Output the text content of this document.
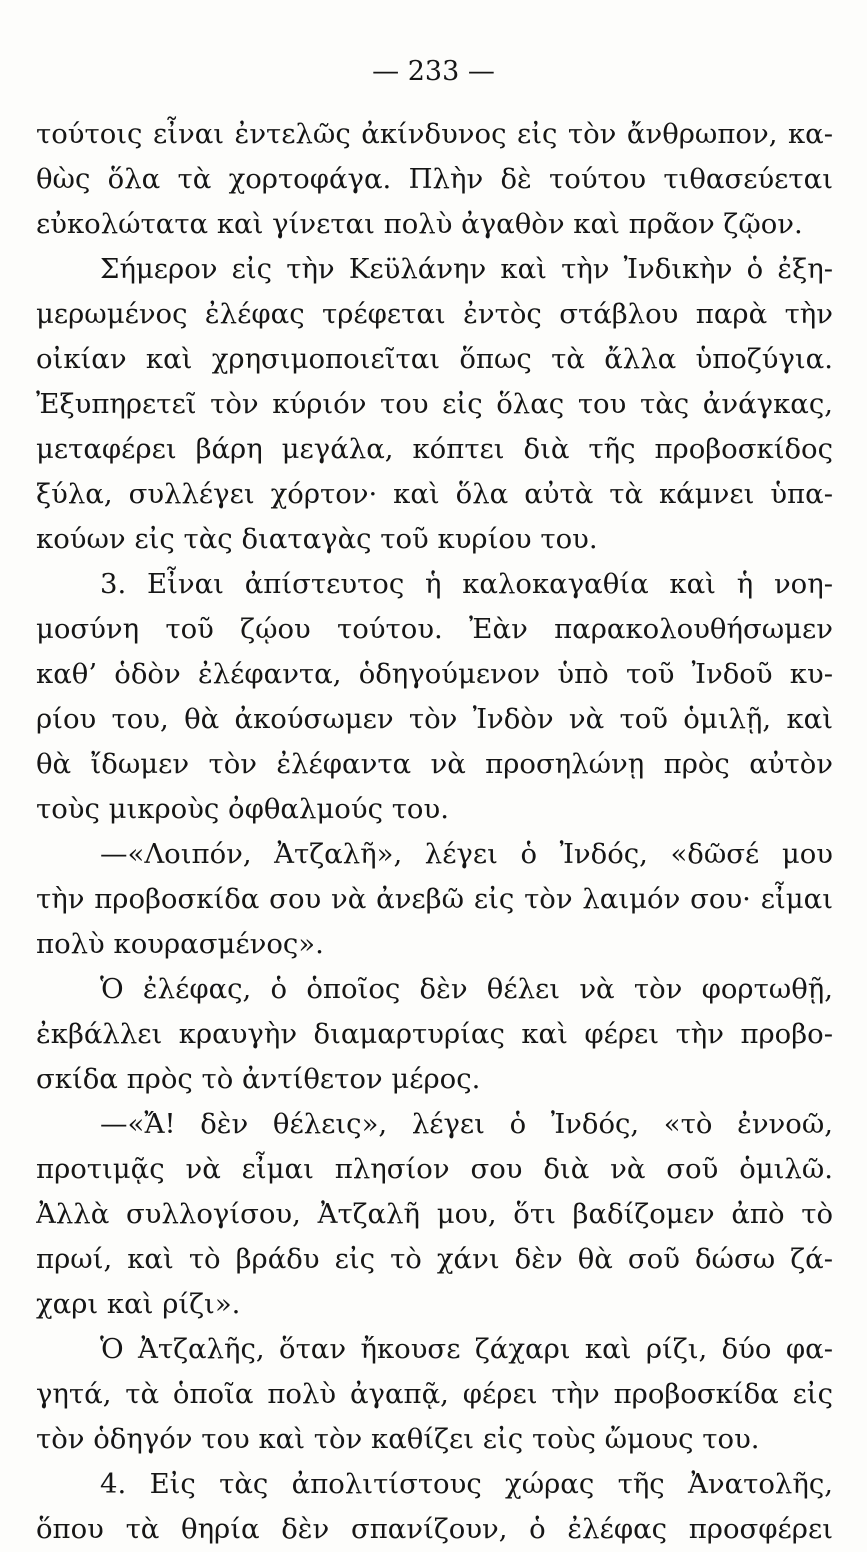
— 233 —
τούτοις εἶναι ἐντελῶς ἀκίνδυνος εἰς τὸν ἄνθρωπον, κα-
θὼς ὅλα τὰ χορτοφάγα. Πλὴν δὲ τούτου τιθασεύεται
εὐκολώτατα καὶ γίνεται πολὺ ἀγαθὸν καὶ πρᾶον ζῷον.
Σήμερον εἰς τὴν Κεϋλάνην καὶ τὴν Ἰνδικὴν ὁ ἐξη-
μερωμένος ἐλέφας τρέφεται ἐντὸς στάβλου παρὰ τὴν
οἰκίαν καὶ χρησιμοποιεῖται ὅπως τὰ ἄλλα ὑποζύγια.
Ἐξυπηρετεῖ τὸν κύριόν του εἰς ὅλας του τὰς ἀνάγκας,
μεταφέρει βάρη μεγάλα, κόπτει διὰ τῆς προβοσκίδος
ξύλα, συλλέγει χόρτον· καὶ ὅλα αὐτὰ τὰ κάμνει ὑπα-
κούων εἰς τὰς διαταγὰς τοῦ κυρίου του.
3. Εἶναι ἀπίστευτος ἡ καλοκαγαθία καὶ ἡ νοη-
μοσύνη τοῦ ζῴου τούτου. Ἐὰν παρακολουθήσωμεν
καθ’ ὁδὸν ἐλέφαντα, ὁδηγούμενον ὑπὸ τοῦ Ἰνδοῦ κυ-
ρίου του, θὰ ἀκούσωμεν τὸν Ἰνδὸν νὰ τοῦ ὁμιλῇ, καὶ
θὰ ἴδωμεν τὸν ἐλέφαντα νὰ προσηλώνῃ πρὸς αὐτὸν
τοὺς μικροὺς ὀφθαλμούς του.
—«Λοιπόν, Ἀτζαλῆ», λέγει ὁ Ἰνδός, «δῶσέ μου
τὴν προβοσκίδα σου νὰ ἀνεβῶ εἰς τὸν λαιμόν σου· εἶμαι
πολὺ κουρασμένος».
Ὁ ἐλέφας, ὁ ὁποῖος δὲν θέλει νὰ τὸν φορτωθῇ,
ἐκβάλλει κραυγὴν διαμαρτυρίας καὶ φέρει τὴν προβο-
σκίδα πρὸς τὸ ἀντίθετον μέρος.
—«Ἄ! δὲν θέλεις», λέγει ὁ Ἰνδός, «τὸ ἐννοῶ,
προτιμᾷς νὰ εἶμαι πλησίον σου διὰ νὰ σοῦ ὁμιλῶ.
Ἀλλὰ συλλογίσου, Ἀτζαλῆ μου, ὅτι βαδίζομεν ἀπὸ τὸ
πρωί, καὶ τὸ βράδυ εἰς τὸ χάνι δὲν θὰ σοῦ δώσω ζά-
χαρι καὶ ρίζι».
Ὁ Ἀτζαλῆς, ὅταν ἤκουσε ζάχαρι καὶ ρίζι, δύο φα-
γητά, τὰ ὁποῖα πολὺ ἀγαπᾷ, φέρει τὴν προβοσκίδα εἰς
τὸν ὁδηγόν του καὶ τὸν καθίζει εἰς τοὺς ὤμους του.
4. Εἰς τὰς ἀπολιτίστους χώρας τῆς Ἀνατολῆς,
ὅπου τὰ θηρία δὲν σπανίζουν, ὁ ἐλέφας προσφέρει
